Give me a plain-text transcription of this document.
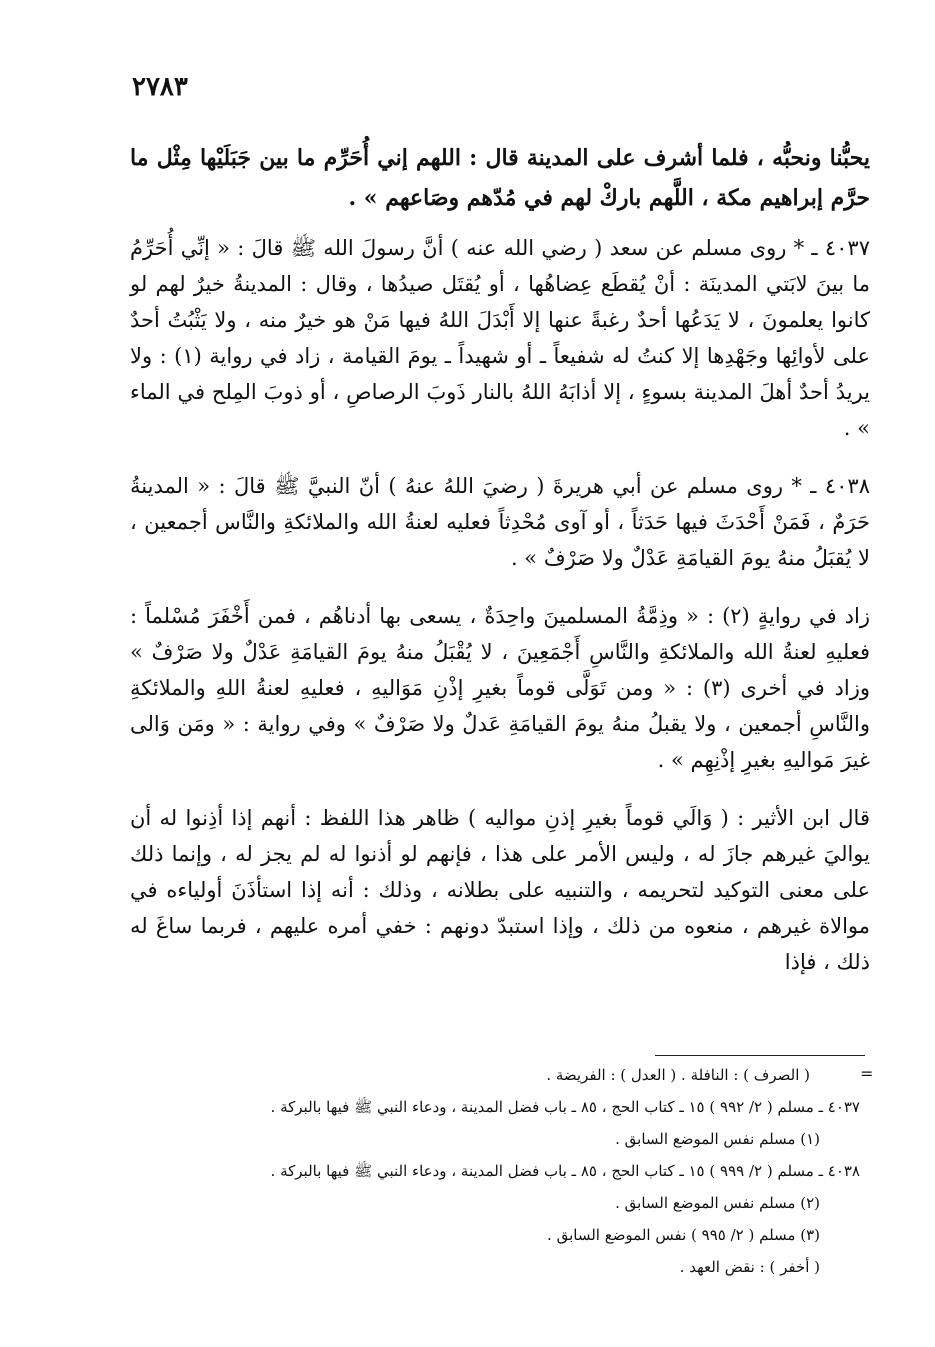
٢٧٨٣

يحبُّنا ونحبُّه ، فلما أشرف على المدينة قال : اللهم إني أُحَرِّم ما بين جَبَلَيْها مِثْل ما حرَّم إبراهيم مكة ، اللَّهم باركْ لهم في مُدّهم وصَاعهم » .

٤٠٣٧ ـ * روى مسلم عن سعد ( رضي الله عنه ) أنَّ رسولَ الله ﷺ قالَ : « إنِّي أُحَرِّمُ ما بينَ لابَتي المدينَة : أنْ يُقطَع عِضاهُها ، أو يُقتَل صيدُها ، وقال : المدينةُ خيرٌ لهم لو كانوا يعلمونَ ، لا يَدَعُها أحدٌ رغبةً عنها إلا أَبْدَلَ اللهُ فيها مَنْ هو خيرٌ منه ، ولا يَثْبُتُ أحدٌ على لأوائِها وجَهْدِها إلا كنتُ له شفيعاً ـ أو شهيداً ـ يومَ القيامة ، زاد في رواية (١) : ولا يريدُ أحدٌ أهلَ المدينة بسوءٍ ، إلا أذابَهُ اللهُ بالنار ذَوبَ الرصاصِ ، أو ذوبَ المِلح في الماء » .

٤٠٣٨ ـ * روى مسلم عن أبي هريرةَ ( رضيَ اللهُ عنهُ ) أنّ النبيَّ ﷺ قالَ : « المدينةُ حَرَمٌ ، فَمَنْ أَحْدَثَ فيها حَدَثاً ، أو آوى مُحْدِثاً فعليه لعنةُ الله والملائكةِ والنَّاس أجمعين ، لا يُقبَلُ منهُ يومَ القيامَةِ عَدْلٌ ولا صَرْفٌ » .

زاد في روايةٍ (٢) : « وذِمَّةُ المسلمينَ واحِدَةٌ ، يسعى بها أدناهُم ، فمن أَخْفَرَ مُسْلماً : فعليهِ لعنةُ الله والملائكةِ والنَّاسِ أَجْمَعِينَ ، لا يُقْبَلُ منهُ يومَ القيامَةِ عَدْلٌ ولا صَرْفٌ » وزاد في أخرى (٣) : « ومن تَوَلَّى قوماً بغيرِ إذْنِ مَوَاليهِ ، فعليهِ لعنةُ اللهِ والملائكةِ والنَّاسِ أجمعين ، ولا يقبلُ منهُ يومَ القيامَةِ عَدلٌ ولا صَرْفٌ » وفي رواية : « ومَن وَالى غيرَ مَواليهِ بغيرِ إذْنِهِم » .

قال ابن الأثير : ( وَالَي قوماً بغيرِ إذنِ مواليه ) ظاهر هذا اللفظ : أنهم إذا أذِنوا له أن يواليَ غيرهم جازَ له ، وليس الأمر على هذا ، فإنهم لو أذنوا له لم يجز له ، وإنما ذلك على معنى التوكيد لتحريمه ، والتنبيه على بطلانه ، وذلك : أنه إذا استأذَنَ أولياءه في موالاة غيرهم ، منعوه من ذلك ، وإذا استبدّ دونهم : خفي أمره عليهم ، فربما ساغَ له ذلك ، فإذا

=

( الصرف ) : النافلة . ( العدل ) : الفريضة .

٤٠٣٧ ـ مسلم ( ٢/ ٩٩٢ ) ١٥ ـ كتاب الحج ، ٨٥ ـ باب فضل المدينة ، ودعاء النبي ﷺ فيها بالبركة .

(١) مسلم نفس الموضع السابق .

٤٠٣٨ ـ مسلم ( ٢/ ٩٩٩ ) ١٥ ـ كتاب الحج ، ٨٥ ـ باب فضل المدينة ، ودعاء النبي ﷺ فيها بالبركة .

(٢) مسلم نفس الموضع السابق .

(٣) مسلم ( ٢/ ٩٩٥ ) نفس الموضع السابق .

( أخفر ) : نقض العهد .
